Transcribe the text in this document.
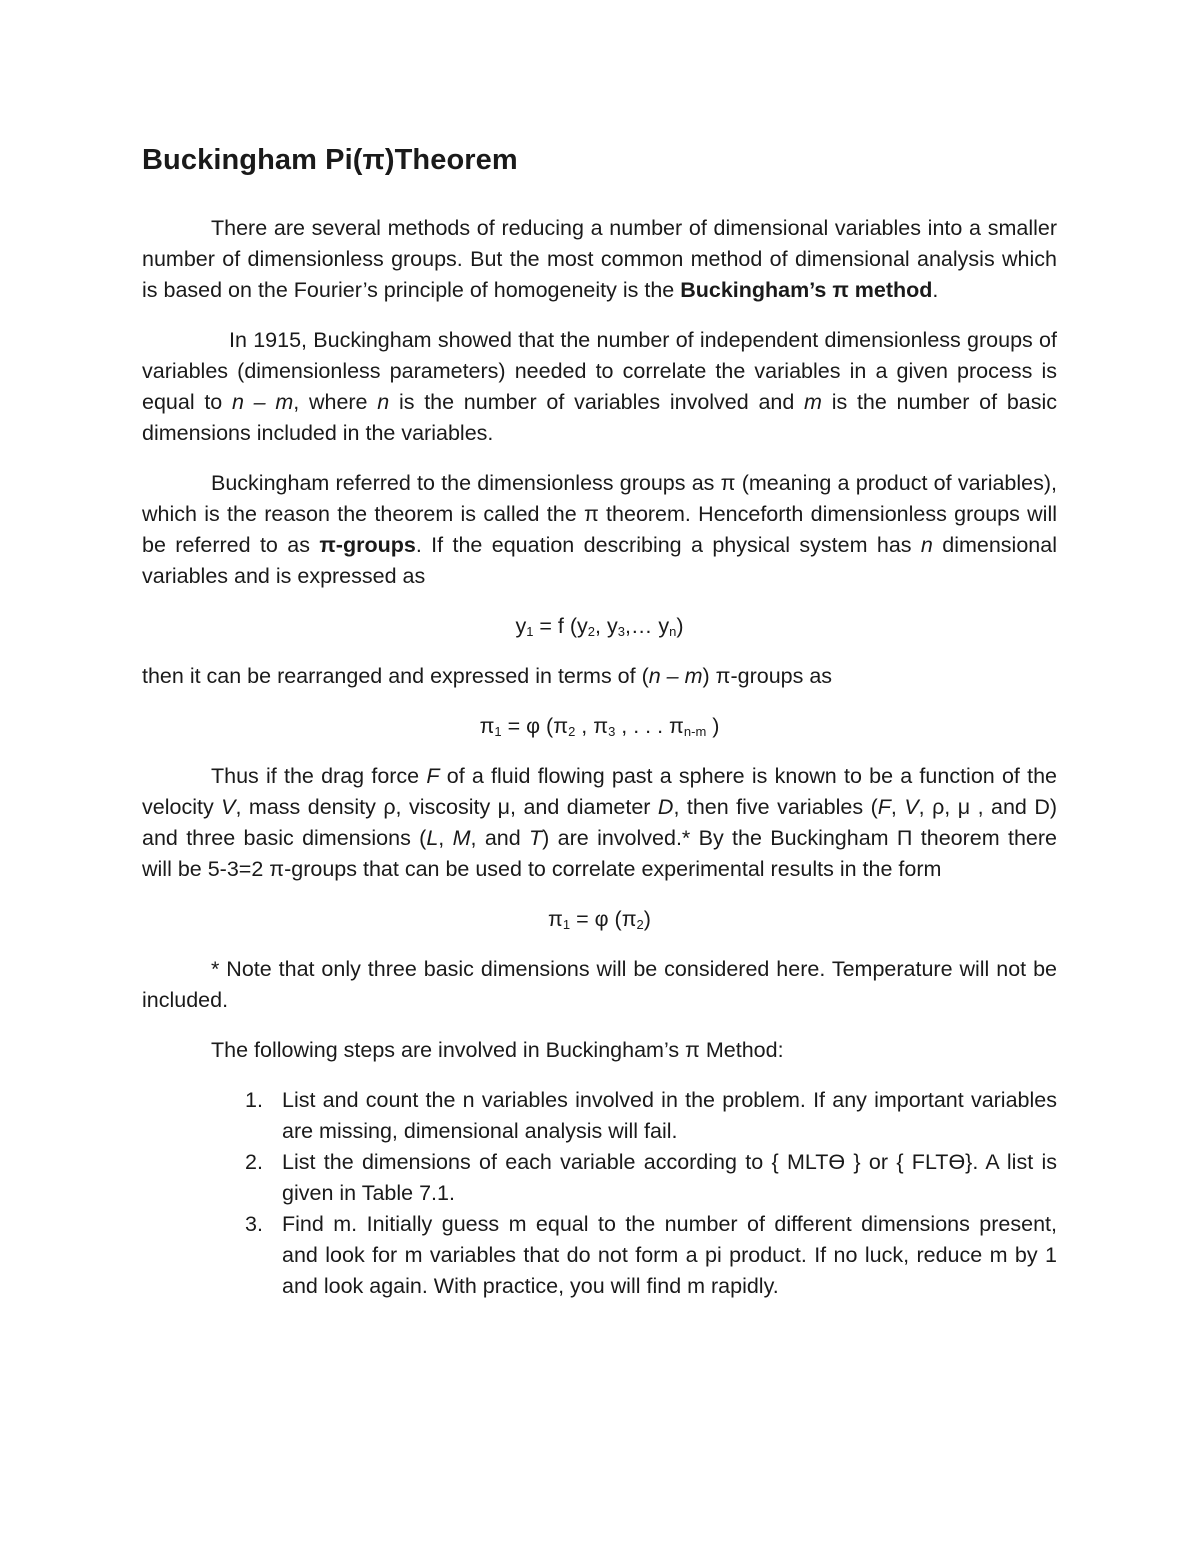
Buckingham Pi(π)Theorem

There are several methods of reducing a number of dimensional variables into a smaller number of dimensionless groups. But the most common method of dimensional analysis which is based on the Fourier’s principle of homogeneity is the Buckingham’s π method.

In 1915, Buckingham showed that the number of independent dimensionless groups of variables (dimensionless parameters) needed to correlate the variables in a given process is equal to n – m, where n is the number of variables involved and m is the number of basic dimensions included in the variables.

Buckingham referred to the dimensionless groups as π (meaning a product of variables), which is the reason the theorem is called the π theorem. Henceforth dimensionless groups will be referred to as π-groups. If the equation describing a physical system has n dimensional variables and is expressed as

$y_1 = f$ ($y_2$, $y_3,\dots$ $y_n$)

then it can be rearranged and expressed in terms of (n – m) π-groups as

$\pi_1 = \varphi$ ($\pi_2$ , $\pi_3$ , . . . $\pi_{n-m}$ )

Thus if the drag force F of a fluid flowing past a sphere is known to be a function of the velocity V, mass density ρ, viscosity μ, and diameter D, then five variables (F, V, ρ, μ , and D) and three basic dimensions (L, M, and T) are involved.* By the Buckingham Π theorem there will be 5-3=2 π-groups that can be used to correlate experimental results in the form

$\pi_1 = \varphi$ $(\pi_2)$

* Note that only three basic dimensions will be considered here. Temperature will not be included.

The following steps are involved in Buckingham’s π Method:

1. List and count the n variables involved in the problem. If any important variables are missing, dimensional analysis will fail.
2. List the dimensions of each variable according to { MLTϴ } or { FLTϴ}. A list is given in Table 7.1.
3. Find m. Initially guess m equal to the number of different dimensions present, and look for m variables that do not form a pi product. If no luck, reduce m by 1 and look again. With practice, you will find m rapidly.
